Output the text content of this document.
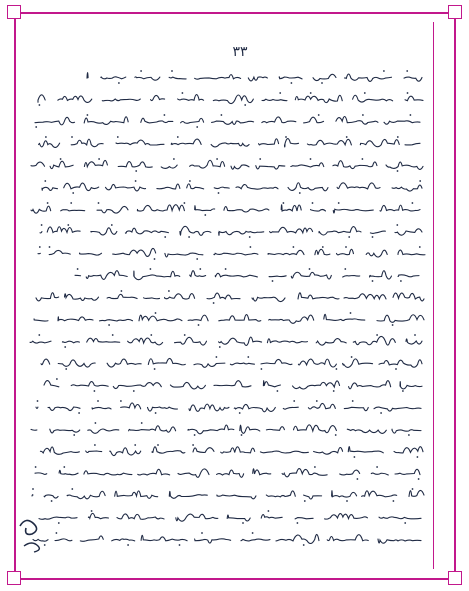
۳۳
